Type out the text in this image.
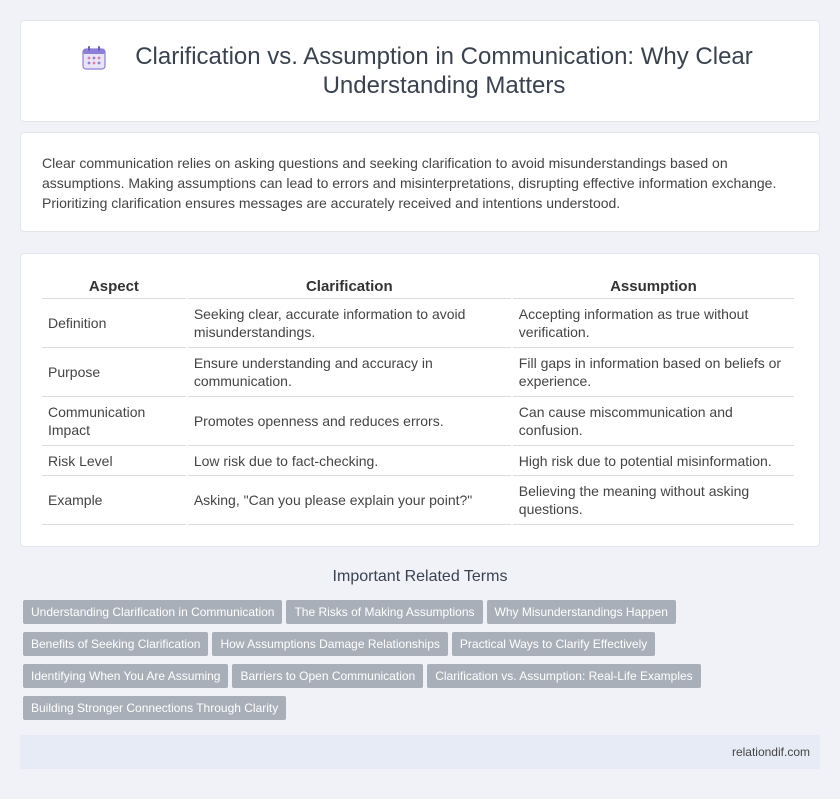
Clarification vs. Assumption in Communication: Why Clear Understanding Matters

Clear communication relies on asking questions and seeking clarification to avoid misunderstandings based on assumptions. Making assumptions can lead to errors and misinterpretations, disrupting effective information exchange. Prioritizing clarification ensures messages are accurately received and intentions understood.

Aspect	Clarification	Assumption
Definition	Seeking clear, accurate information to avoid misunderstandings.	Accepting information as true without verification.
Purpose	Ensure understanding and accuracy in communication.	Fill gaps in information based on beliefs or experience.
Communication Impact	Promotes openness and reduces errors.	Can cause miscommunication and confusion.
Risk Level	Low risk due to fact-checking.	High risk due to potential misinformation.
Example	Asking, "Can you please explain your point?"	Believing the meaning without asking questions.
Important Related Terms
Understanding Clarification in Communication The Risks of Making Assumptions Why Misunderstandings Happen
Benefits of Seeking Clarification How Assumptions Damage Relationships Practical Ways to Clarify Effectively
Identifying When You Are Assuming Barriers to Open Communication Clarification vs. Assumption: Real-Life Examples
Building Stronger Connections Through Clarity
relationdif.com
